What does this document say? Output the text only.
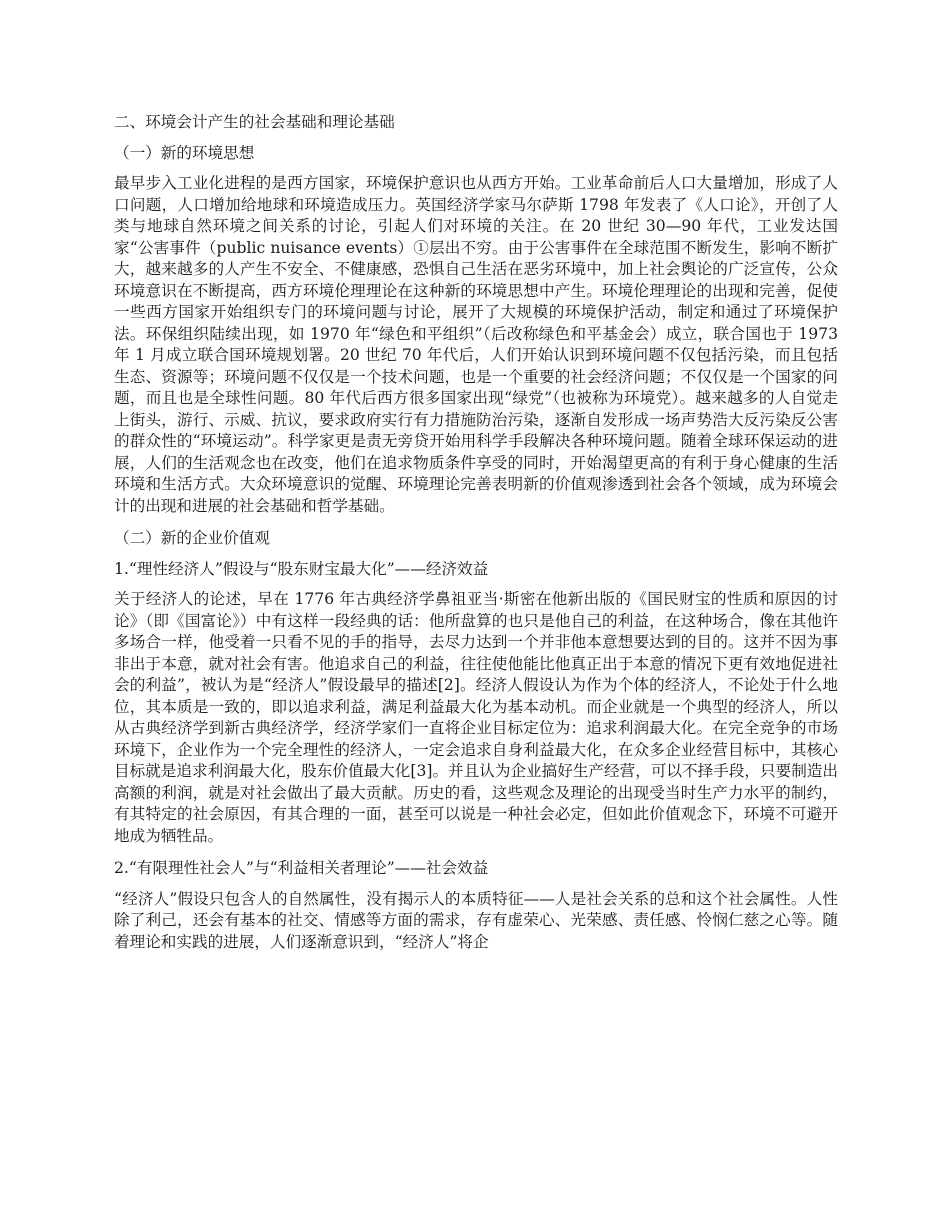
二、环境会计产生的社会基础和理论基础

（一）新的环境思想

最早步入工业化进程的是西方国家，环境保护意识也从西方开始。工业革命前后人口大量增加，形成了人口问题，人口增加给地球和环境造成压力。英国经济学家马尔萨斯 1798 年发表了《人口论》，开创了人类与地球自然环境之间关系的讨论，引起人们对环境的关注。在 20 世纪 30—90 年代，工业发达国家“公害事件（public nuisance events）①层出不穷。由于公害事件在全球范围不断发生，影响不断扩大，越来越多的人产生不安全、不健康感，恐惧自己生活在恶劣环境中，加上社会舆论的广泛宣传，公众环境意识在不断提高，西方环境伦理理论在这种新的环境思想中产生。环境伦理理论的出现和完善，促使一些西方国家开始组织专门的环境问题与讨论，展开了大规模的环境保护活动，制定和通过了环境保护法。环保组织陆续出现，如 1970 年“绿色和平组织”（后改称绿色和平基金会）成立，联合国也于 1973 年 1 月成立联合国环境规划署。20 世纪 70 年代后，人们开始认识到环境问题不仅包括污染，而且包括生态、资源等；环境问题不仅仅是一个技术问题，也是一个重要的社会经济问题；不仅仅是一个国家的问题，而且也是全球性问题。80 年代后西方很多国家出现“绿党”（也被称为环境党）。越来越多的人自觉走上街头，游行、示威、抗议，要求政府实行有力措施防治污染，逐渐自发形成一场声势浩大反污染反公害的群众性的“环境运动”。科学家更是责无旁贷开始用科学手段解决各种环境问题。随着全球环保运动的进展，人们的生活观念也在改变，他们在追求物质条件享受的同时，开始渴望更高的有利于身心健康的生活环境和生活方式。大众环境意识的觉醒、环境理论完善表明新的价值观渗透到社会各个领域，成为环境会计的出现和进展的社会基础和哲学基础。

（二）新的企业价值观

1.“理性经济人”假设与“股东财宝最大化”——经济效益

关于经济人的论述，早在 1776 年古典经济学鼻祖亚当·斯密在他新出版的《国民财宝的性质和原因的讨论》（即《国富论》）中有这样一段经典的话：他所盘算的也只是他自己的利益，在这种场合，像在其他许多场合一样，他受着一只看不见的手的指导，去尽力达到一个并非他本意想要达到的目的。这并不因为事非出于本意，就对社会有害。他追求自己的利益，往往使他能比他真正出于本意的情况下更有效地促进社会的利益”，被认为是“经济人”假设最早的描述[2]。经济人假设认为作为个体的经济人，不论处于什么地位，其本质是一致的，即以追求利益，满足利益最大化为基本动机。而企业就是一个典型的经济人，所以从古典经济学到新古典经济学，经济学家们一直将企业目标定位为：追求利润最大化。在完全竞争的市场环境下，企业作为一个完全理性的经济人，一定会追求自身利益最大化，在众多企业经营目标中，其核心目标就是追求利润最大化，股东价值最大化[3]。并且认为企业搞好生产经营，可以不择手段，只要制造出高额的利润，就是对社会做出了最大贡献。历史的看，这些观念及理论的出现受当时生产力水平的制约，有其特定的社会原因，有其合理的一面，甚至可以说是一种社会必定，但如此价值观念下，环境不可避开地成为牺牲品。

2.“有限理性社会人”与“利益相关者理论”——社会效益

“经济人”假设只包含人的自然属性，没有揭示人的本质特征——人是社会关系的总和这个社会属性。人性除了利己，还会有基本的社交、情感等方面的需求，存有虚荣心、光荣感、责任感、怜悯仁慈之心等。随着理论和实践的进展，人们逐渐意识到，“经济人”将企
